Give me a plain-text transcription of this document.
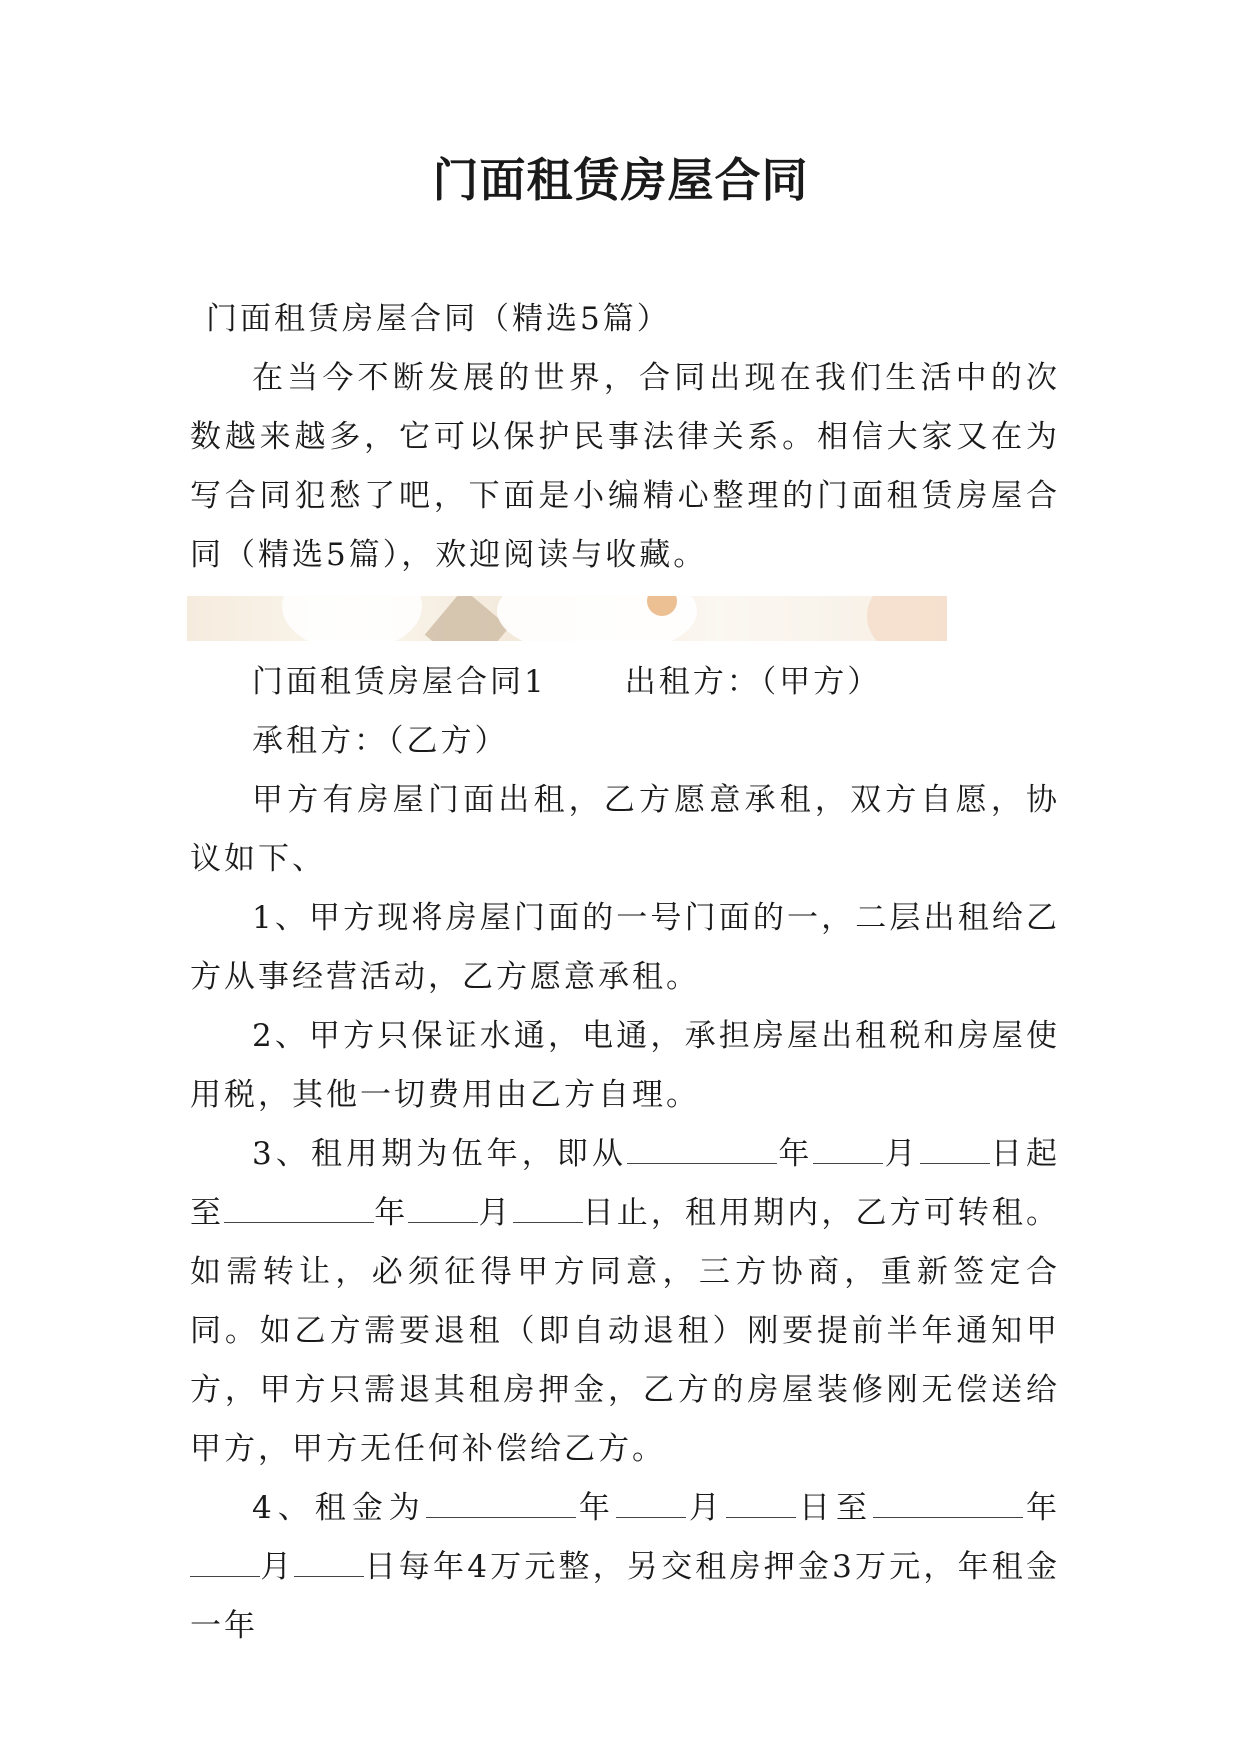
门面租赁房屋合同
门面租赁房屋合同（精选5篇）

在当今不断发展的世界，合同出现在我们生活中的次数越来越多，它可以保护民事法律关系。相信大家又在为写合同犯愁了吧，下面是小编精心整理的门面租赁房屋合同（精选5篇），欢迎阅读与收藏。

门面租赁房屋合同1	出租方：（甲方）

承租方：（乙方）

甲方有房屋门面出租，乙方愿意承租，双方自愿，协议如下、

1、甲方现将房屋门面的一号门面的一，二层出租给乙方从事经营活动，乙方愿意承租。

2、甲方只保证水通，电通，承担房屋出租税和房屋使用税，其他一切费用由乙方自理。

3、租用期为伍年，即从	年 月 日起至	年 月 日止，租用期内，乙方可转租。如需转让，必须征得甲方同意，三方协商，重新签定合同。如乙方需要退租（即自动退租）刚要提前半年通知甲方，甲方只需退其租房押金，乙方的房屋装修刚无偿送给甲方，甲方无任何补偿给乙方。

4、租金为	年 月 日至	年月 日每年4万元整，另交租房押金3万元，年租金一年
